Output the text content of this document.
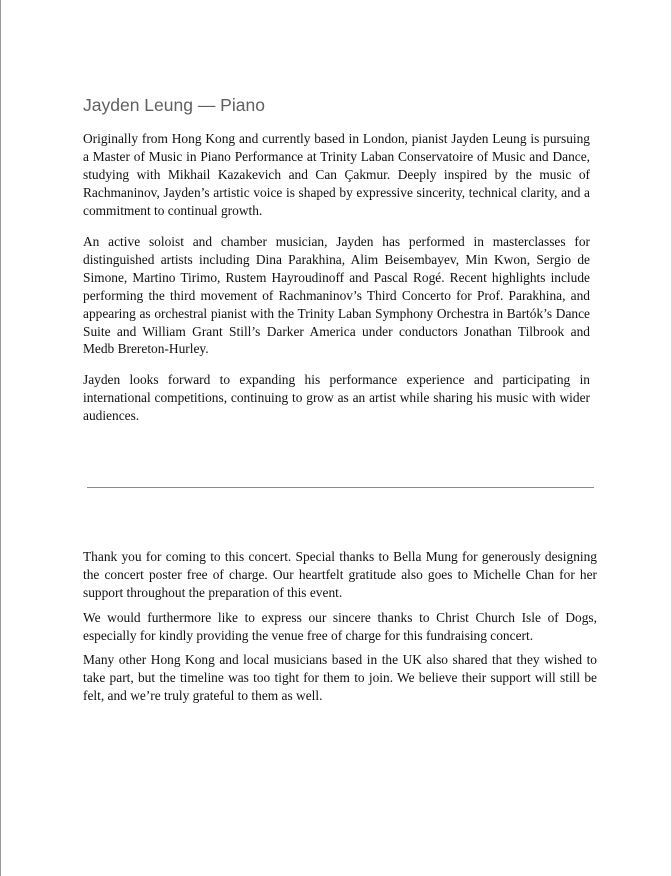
Jayden Leung — Piano

Originally from Hong Kong and currently based in London, pianist Jayden Leung is pursuing a Master of Music in Piano Performance at Trinity Laban Conservatoire of Music and Dance, studying with Mikhail Kazakevich and Can Çakmur. Deeply inspired by the music of Rachmaninov, Jayden’s artistic voice is shaped by expressive sincerity, technical clarity, and a commitment to continual growth.

An active soloist and chamber musician, Jayden has performed in masterclasses for distinguished artists including Dina Parakhina, Alim Beisembayev, Min Kwon, Sergio de Simone, Martino Tirimo, Rustem Hayroudinoff and Pascal Rogé. Recent highlights include performing the third movement of Rachmaninov’s Third Concerto for Prof. Parakhina, and appearing as orchestral pianist with the Trinity Laban Symphony Orchestra in Bartók’s Dance Suite and William Grant Still’s Darker America under conductors Jonathan Tilbrook and Medb Brereton-Hurley.

Jayden looks forward to expanding his performance experience and participating in international competitions, continuing to grow as an artist while sharing his music with wider audiences.

Thank you for coming to this concert. Special thanks to Bella Mung for generously designing the concert poster free of charge. Our heartfelt gratitude also goes to Michelle Chan for her support throughout the preparation of this event.

We would furthermore like to express our sincere thanks to Christ Church Isle of Dogs, especially for kindly providing the venue free of charge for this fundraising concert.

Many other Hong Kong and local musicians based in the UK also shared that they wished to take part, but the timeline was too tight for them to join. We believe their support will still be felt, and we’re truly grateful to them as well.
